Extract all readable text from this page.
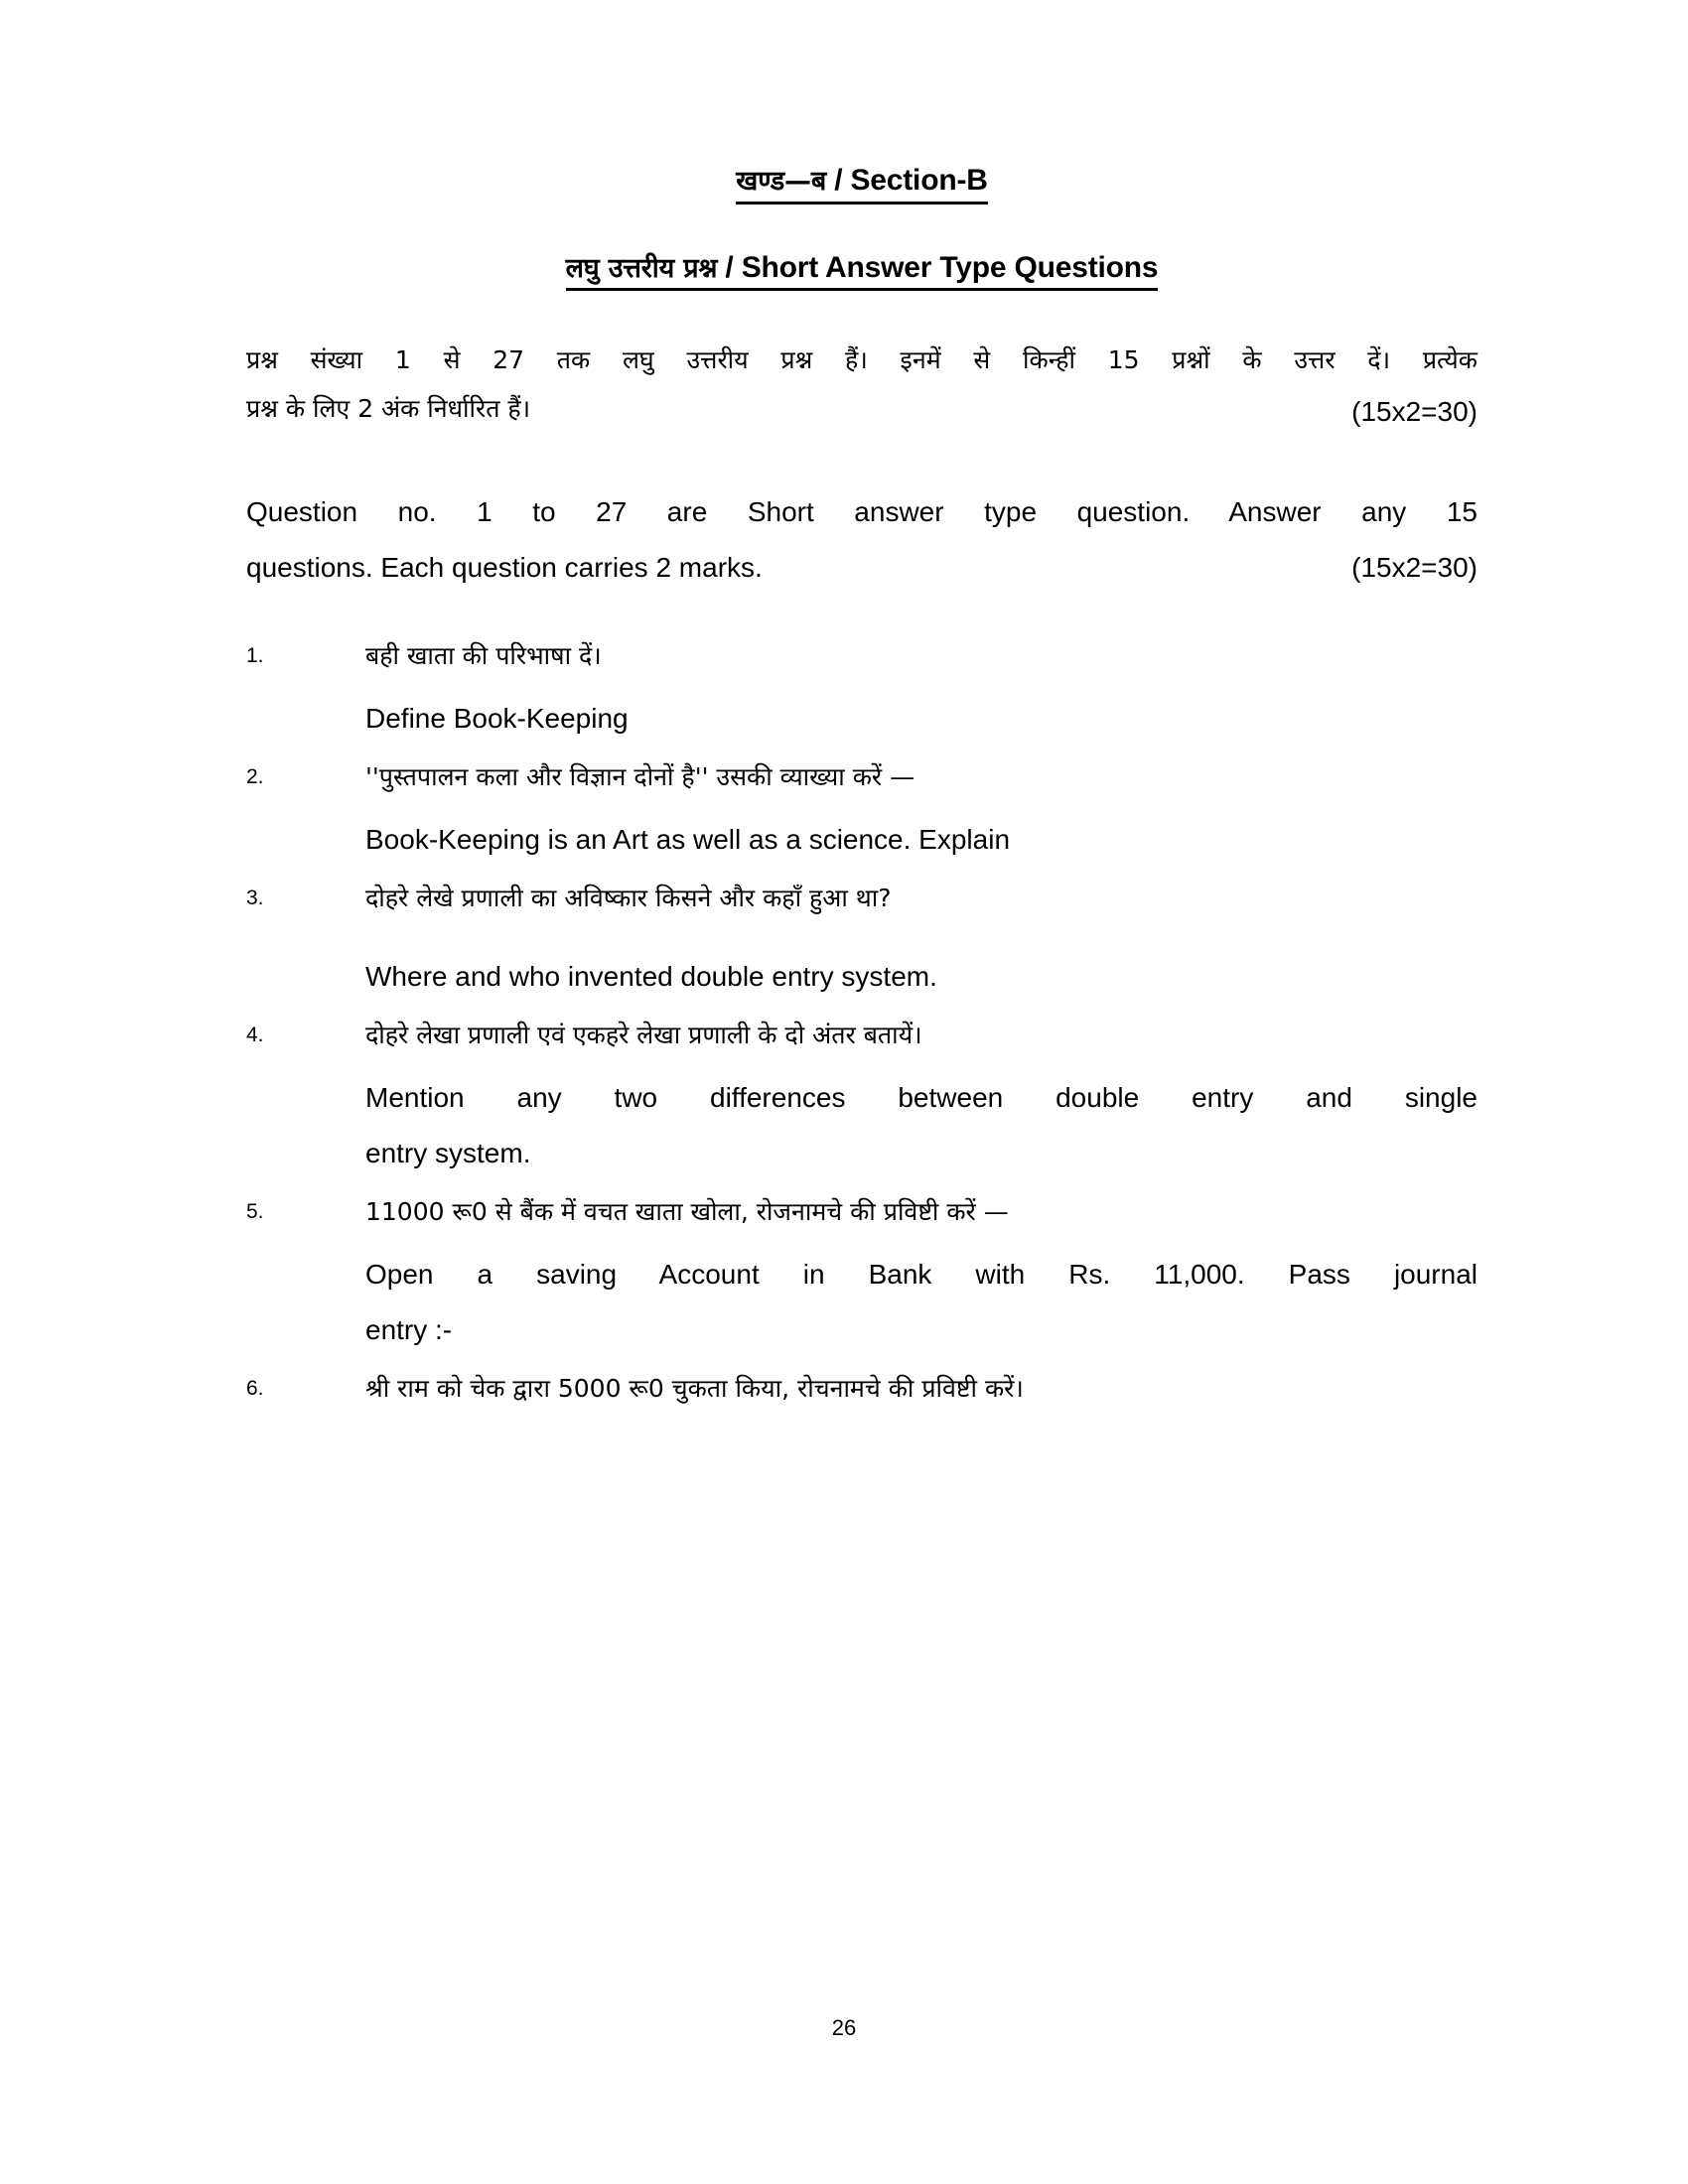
खण्ड—ब / Section-B
लघु उत्तरीय प्रश्न / Short Answer Type Questions
प्रश्न संख्या 1 से 27 तक लघु उत्तरीय प्रश्न हैं। इनमें से किन्हीं 15 प्रश्नों के उत्तर दें। प्रत्येक
(15x2=30)
प्रश्न के लिए 2 अंक निर्धारित हैं।
Question no. 1 to 27 are Short answer type question. Answer any 15
(15x2=30)
questions. Each question carries 2 marks.
1.	बही खाता की परिभाषा दें।
Define Book-Keeping
2.	''पुस्तपालन कला और विज्ञान दोनों है'' उसकी व्याख्या करें —
Book-Keeping is an Art as well as a science. Explain
3.	दोहरे लेखे प्रणाली का अविष्कार किसने और कहाँ हुआ था?
Where and who invented double entry system.
4.	दोहरे लेखा प्रणाली एवं एकहरे लेखा प्रणाली के दो अंतर बतायें।
Mention any two differences between double entry and single
entry system.
5.	11000 रू0 से बैंक में वचत खाता खोला, रोजनामचे की प्रविष्टी करें —
Open a saving Account in Bank with Rs. 11,000. Pass journal
entry :-
6.	श्री राम को चेक द्वारा 5000 रू0 चुकता किया, रोचनामचे की प्रविष्टी करें।
26
